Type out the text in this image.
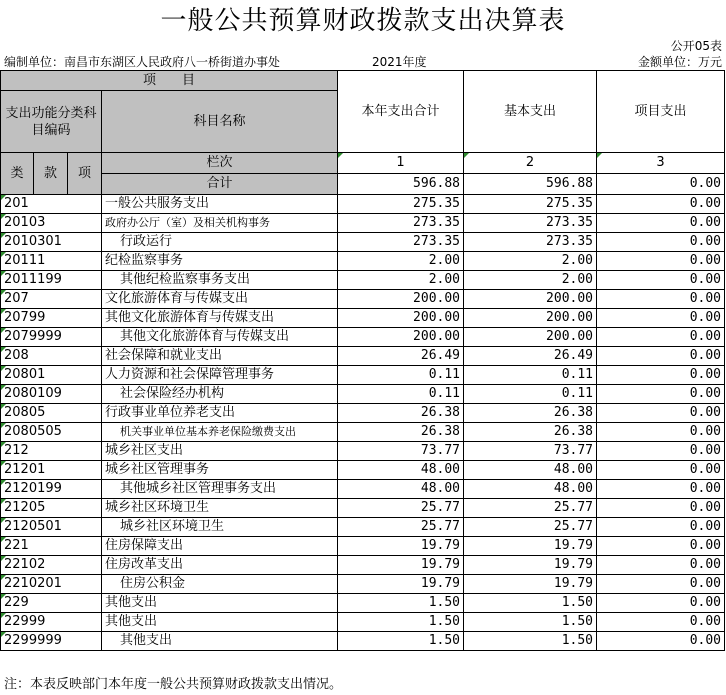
一般公共预算财政拨款支出决算表
公开05表
编制单位：南昌市东湖区人民政府八一桥街道办事处	2021年度	金额单位：万元
项　　目				本年支出合计	基本支出	项目支出
支出功能分类科目编码			科目名称			

类	款	项	栏次	1	2	3
			合计	596.88	596.88	0.00
201			一般公共服务支出	275.35	275.35	0.00
20103			政府办公厅（室）及相关机构事务	273.35	273.35	0.00
2010301			行政运行	273.35	273.35	0.00
20111			纪检监察事务	2.00	2.00	0.00
2011199			其他纪检监察事务支出	2.00	2.00	0.00
207			文化旅游体育与传媒支出	200.00	200.00	0.00
20799			其他文化旅游体育与传媒支出	200.00	200.00	0.00
2079999			其他文化旅游体育与传媒支出	200.00	200.00	0.00
208			社会保障和就业支出	26.49	26.49	0.00
20801			人力资源和社会保障管理事务	0.11	0.11	0.00
2080109			社会保险经办机构	0.11	0.11	0.00
20805			行政事业单位养老支出	26.38	26.38	0.00
2080505			机关事业单位基本养老保险缴费支出	26.38	26.38	0.00
212			城乡社区支出	73.77	73.77	0.00
21201			城乡社区管理事务	48.00	48.00	0.00
2120199			其他城乡社区管理事务支出	48.00	48.00	0.00
21205			城乡社区环境卫生	25.77	25.77	0.00
2120501			城乡社区环境卫生	25.77	25.77	0.00
221			住房保障支出	19.79	19.79	0.00
22102			住房改革支出	19.79	19.79	0.00
2210201			住房公积金	19.79	19.79	0.00
229			其他支出	1.50	1.50	0.00
22999			其他支出	1.50	1.50	0.00
2299999			其他支出	1.50	1.50	0.00
注：本表反映部门本年度一般公共预算财政拨款支出情况。
